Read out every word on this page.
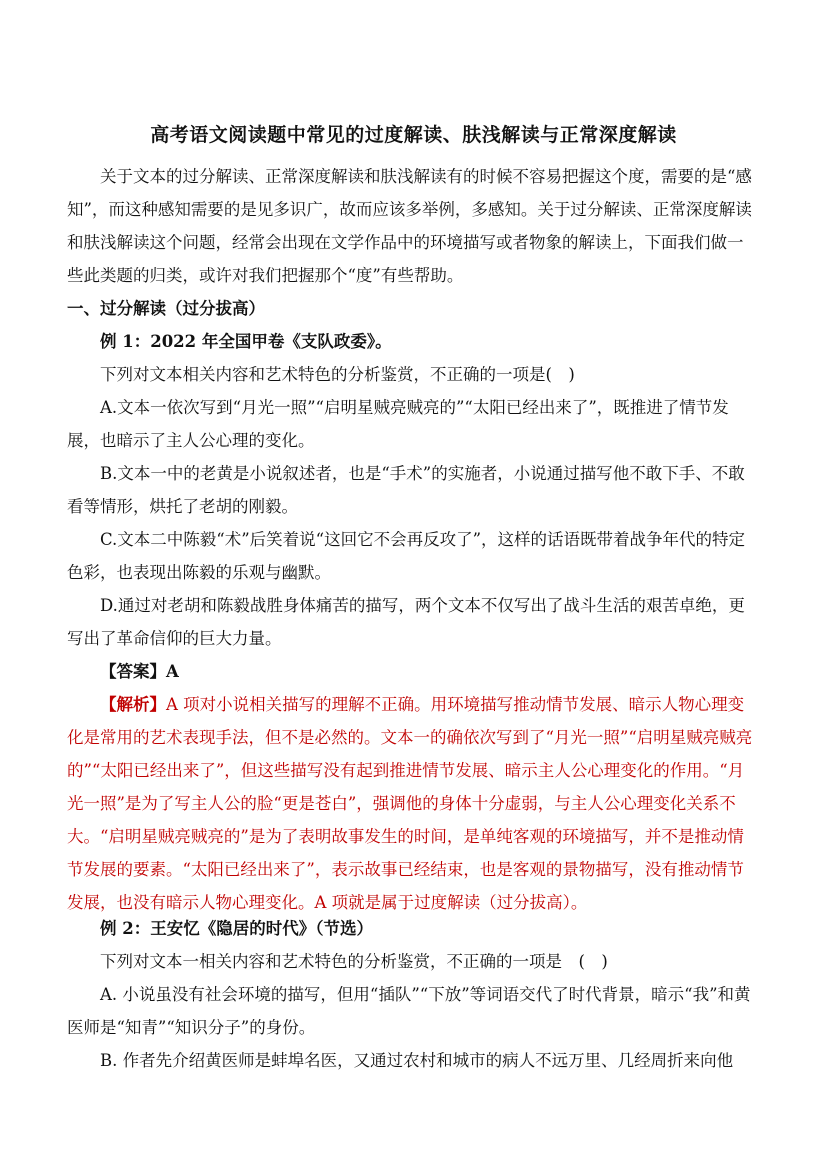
高考语文阅读题中常见的过度解读、肤浅解读与正常深度解读
关于文本的过分解读、正常深度解读和肤浅解读有的时候不容易把握这个度，需要的是“感知”，而这种感知需要的是见多识广，故而应该多举例，多感知。关于过分解读、正常深度解读和肤浅解读这个问题，经常会出现在文学作品中的环境描写或者物象的解读上，下面我们做一些此类题的归类，或许对我们把握那个“度”有些帮助。
一、过分解读（过分拔高）
例 1：2022 年全国甲卷《支队政委》。
下列对文本相关内容和艺术特色的分析鉴赏，不正确的一项是(　)
A.文本一依次写到“月光一照”“启明星贼亮贼亮的”“太阳已经出来了”，既推进了情节发展，也暗示了主人公心理的变化。
B.文本一中的老黄是小说叙述者，也是“手术”的实施者，小说通过描写他不敢下手、不敢看等情形，烘托了老胡的刚毅。
C.文本二中陈毅“术”后笑着说“这回它不会再反攻了”，这样的话语既带着战争年代的特定色彩，也表现出陈毅的乐观与幽默。
D.通过对老胡和陈毅战胜身体痛苦的描写，两个文本不仅写出了战斗生活的艰苦卓绝，更写出了革命信仰的巨大力量。
【答案】A
【解析】A 项对小说相关描写的理解不正确。用环境描写推动情节发展、暗示人物心理变化是常用的艺术表现手法，但不是必然的。文本一的确依次写到了“月光一照”“启明星贼亮贼亮的”“太阳已经出来了”，但这些描写没有起到推进情节发展、暗示主人公心理变化的作用。“月光一照”是为了写主人公的脸“更是苍白”，强调他的身体十分虚弱，与主人公心理变化关系不大。“启明星贼亮贼亮的”是为了表明故事发生的时间，是单纯客观的环境描写，并不是推动情节发展的要素。“太阳已经出来了”，表示故事已经结束，也是客观的景物描写，没有推动情节发展，也没有暗示人物心理变化。A 项就是属于过度解读（过分拔高）。
例 2：王安忆《隐居的时代》（节选）
下列对文本一相关内容和艺术特色的分析鉴赏，不正确的一项是　(　)
A. 小说虽没有社会环境的描写，但用“插队”“下放”等词语交代了时代背景，暗示“我”和黄医师是“知青”“知识分子”的身份。
B. 作者先介绍黄医师是蚌埠名医，又通过农村和城市的病人不远万里、几经周折来向他
